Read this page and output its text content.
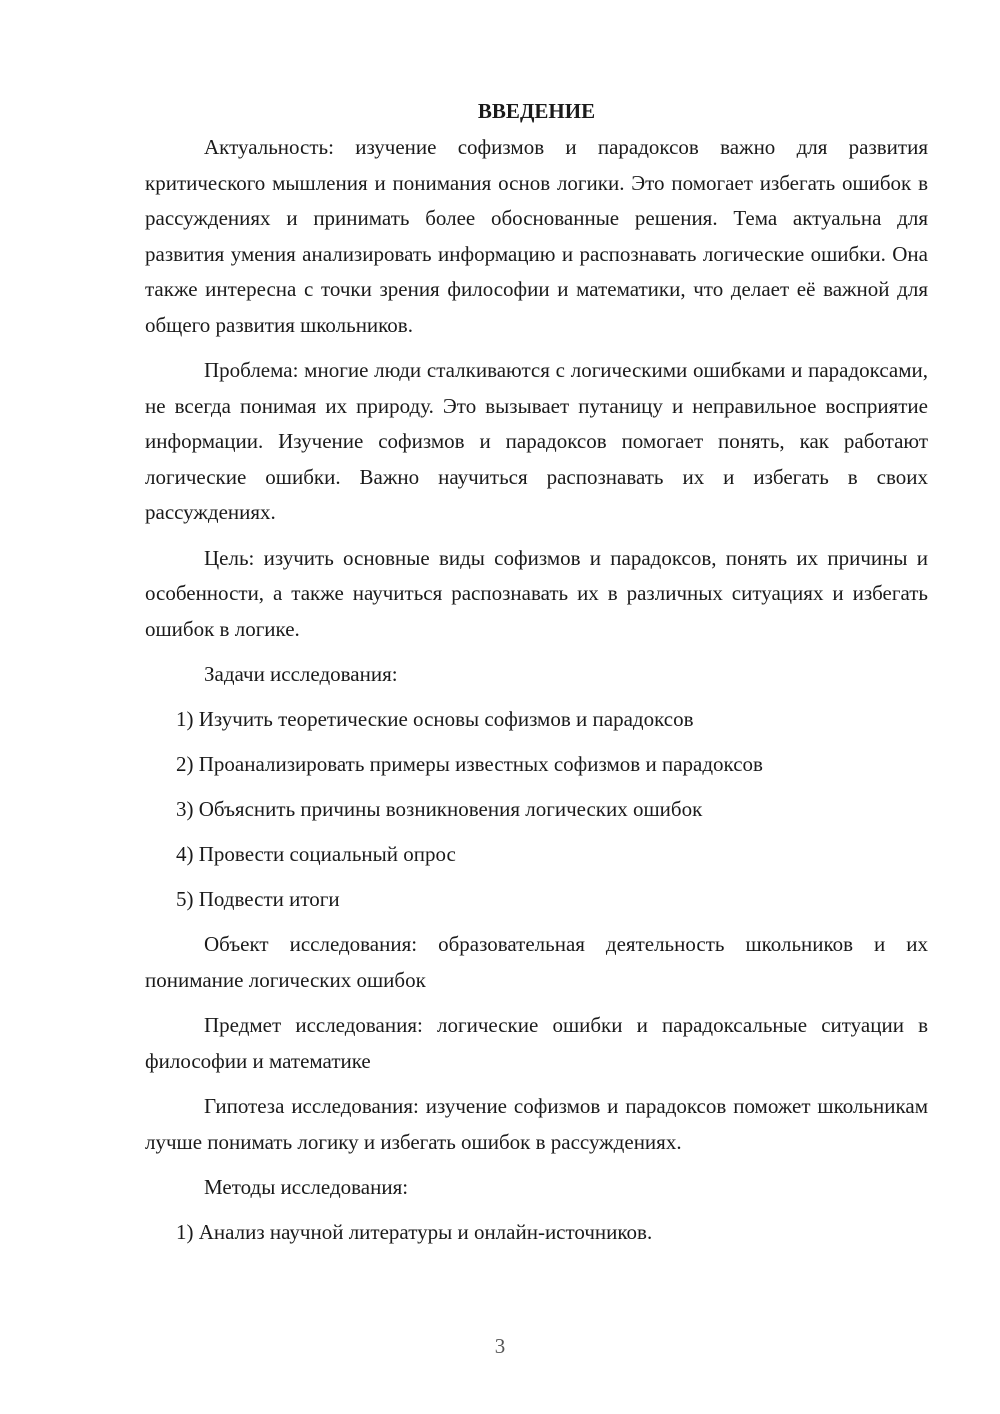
ВВЕДЕНИЕ

Актуальность: изучение софизмов и парадоксов важно для развития критического мышления и понимания основ логики. Это помогает избегать ошибок в рассуждениях и принимать более обоснованные решения. Тема актуальна для развития умения анализировать информацию и распознавать логические ошибки. Она также интересна с точки зрения философии и математики, что делает её важной для общего развития школьников.

Проблема: многие люди сталкиваются с логическими ошибками и парадоксами, не всегда понимая их природу. Это вызывает путаницу и неправильное восприятие информации. Изучение софизмов и парадоксов помогает понять, как работают логические ошибки. Важно научиться распознавать их и избегать в своих рассуждениях.

Цель: изучить основные виды софизмов и парадоксов, понять их причины и особенности, а также научиться распознавать их в различных ситуациях и избегать ошибок в логике.

Задачи исследования:
1) Изучить теоретические основы софизмов и парадоксов
2) Проанализировать примеры известных софизмов и парадоксов
3) Объяснить причины возникновения логических ошибок
4) Провести социальный опрос
5) Подвести итоги

Объект исследования: образовательная деятельность школьников и их понимание логических ошибок

Предмет исследования: логические ошибки и парадоксальные ситуации в философии и математике

Гипотеза исследования: изучение софизмов и парадоксов поможет школьникам лучше понимать логику и избегать ошибок в рассуждениях.

Методы исследования:
1) Анализ научной литературы и онлайн-источников.
3
